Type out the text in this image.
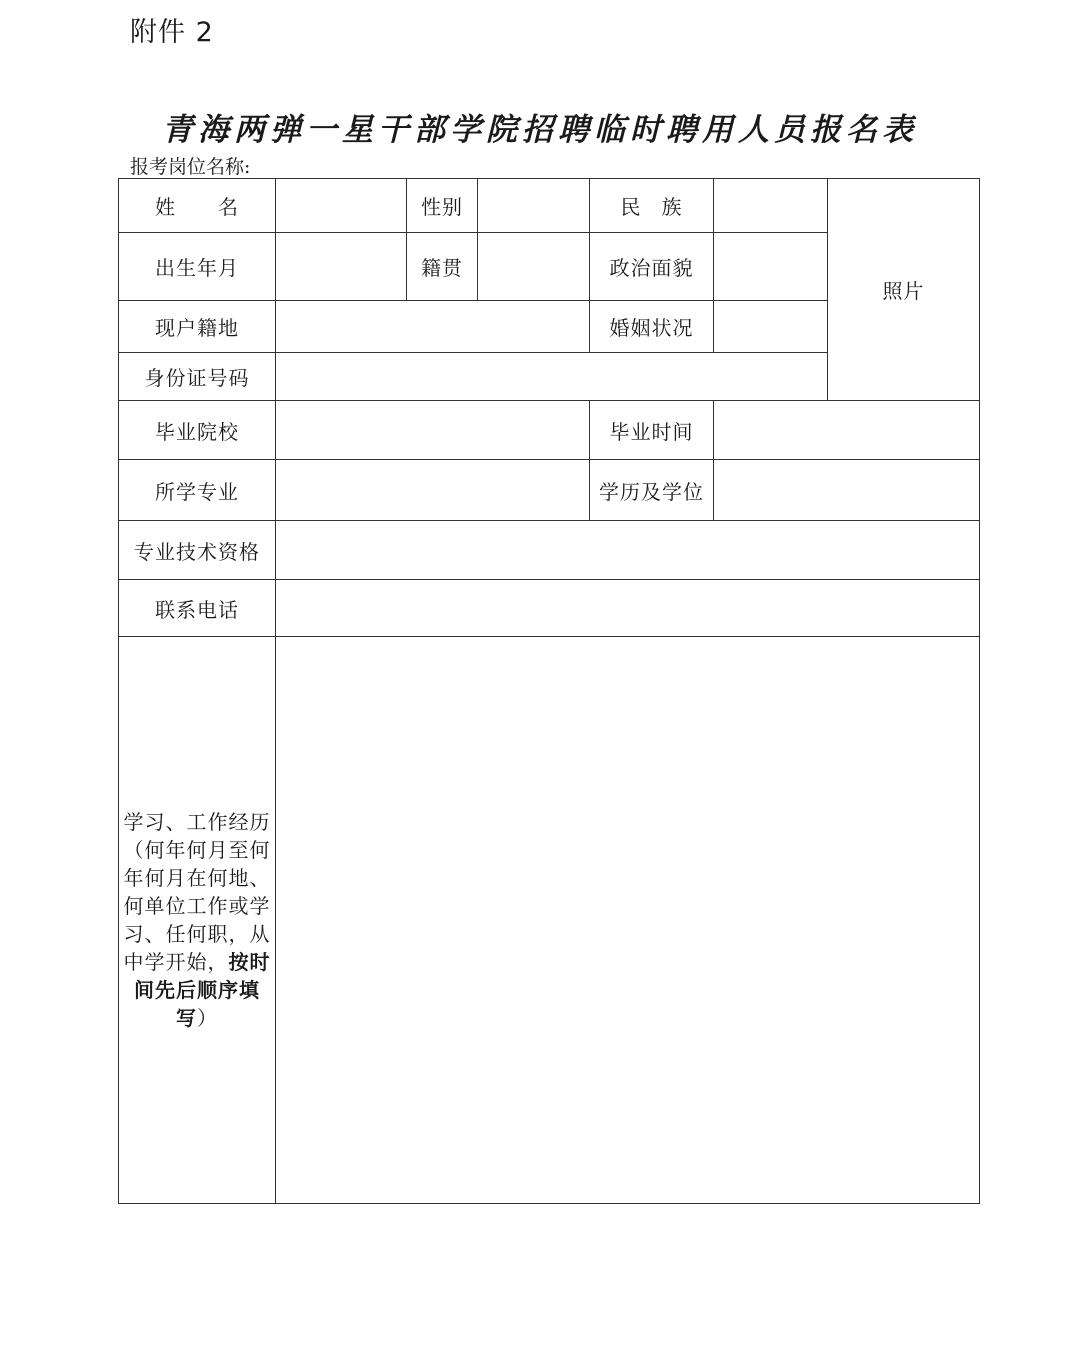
附件 2
青海两弹一星干部学院招聘临时聘用人员报名表
报考岗位名称:
姓 名		性别		民 族		照片
出生年月		籍贯		政治面貌		
现户籍地				婚姻状况		
身份证号码						
毕业院校				毕业时间		
所学专业				学历及学位		
专业技术资格						
联系电话						
学习、工作经历（何年何月至何年何月在何地、何单位工作或学习、任何职，从中学开始，按时间先后顺序填写）						
